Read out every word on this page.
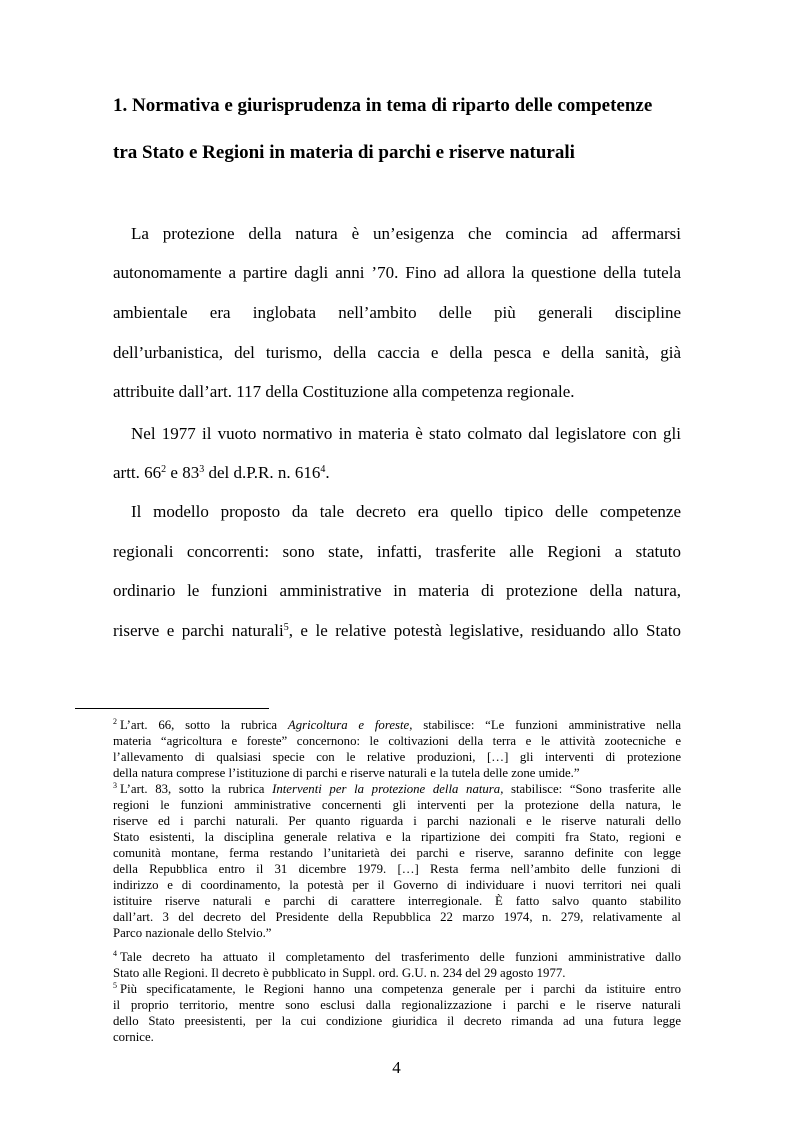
1. Normativa e giurisprudenza in tema di riparto delle competenze
tra Stato e Regioni in materia di parchi e riserve naturali
La protezione della natura è un’esigenza che comincia ad affermarsi
autonomamente a partire dagli anni ’70. Fino ad allora la questione della tutela
ambientale era inglobata nell’ambito delle più generali discipline
dell’urbanistica, del turismo, della caccia e della pesca e della sanità, già
attribuite dall’art. 117 della Costituzione alla competenza regionale.
Nel 1977 il vuoto normativo in materia è stato colmato dal legislatore con gli
artt. $66^2$ e $83^3$ del d.P.R. n. $616^4$.
Il modello proposto da tale decreto era quello tipico delle competenze
regionali concorrenti: sono state, infatti, trasferite alle Regioni a statuto
ordinario le funzioni amministrative in materia di protezione della natura,
riserve e parchi naturali$^5$, e le relative potestà legislative, residuando allo Stato
$^2$ L’art. 66, sotto la rubrica Agricoltura e foreste, stabilisce: “Le funzioni amministrative nella
materia “agricoltura e foreste” concernono: le coltivazioni della terra e le attività zootecniche e
l’allevamento di qualsiasi specie con le relative produzioni, […] gli interventi di protezione
della natura comprese l’istituzione di parchi e riserve naturali e la tutela delle zone umide.”
$^3$ L’art. 83, sotto la rubrica Interventi per la protezione della natura, stabilisce: “Sono trasferite alle
regioni le funzioni amministrative concernenti gli interventi per la protezione della natura, le
riserve ed i parchi naturali. Per quanto riguarda i parchi nazionali e le riserve naturali dello
Stato esistenti, la disciplina generale relativa e la ripartizione dei compiti fra Stato, regioni e
comunità montane, ferma restando l’unitarietà dei parchi e riserve, saranno definite con legge
della Repubblica entro il 31 dicembre 1979. […] Resta ferma nell’ambito delle funzioni di
indirizzo e di coordinamento, la potestà per il Governo di individuare i nuovi territori nei quali
istituire riserve naturali e parchi di carattere interregionale. È fatto salvo quanto stabilito
dall’art. 3 del decreto del Presidente della Repubblica 22 marzo 1974, n. 279, relativamente al
Parco nazionale dello Stelvio.”
$^4$ Tale decreto ha attuato il completamento del trasferimento delle funzioni amministrative dallo
Stato alle Regioni. Il decreto è pubblicato in Suppl. ord. G.U. n. 234 del 29 agosto 1977.
$^5$ Più specificatamente, le Regioni hanno una competenza generale per i parchi da istituire entro
il proprio territorio, mentre sono esclusi dalla regionalizzazione i parchi e le riserve naturali
dello Stato preesistenti, per la cui condizione giuridica il decreto rimanda ad una futura legge
cornice.
4
